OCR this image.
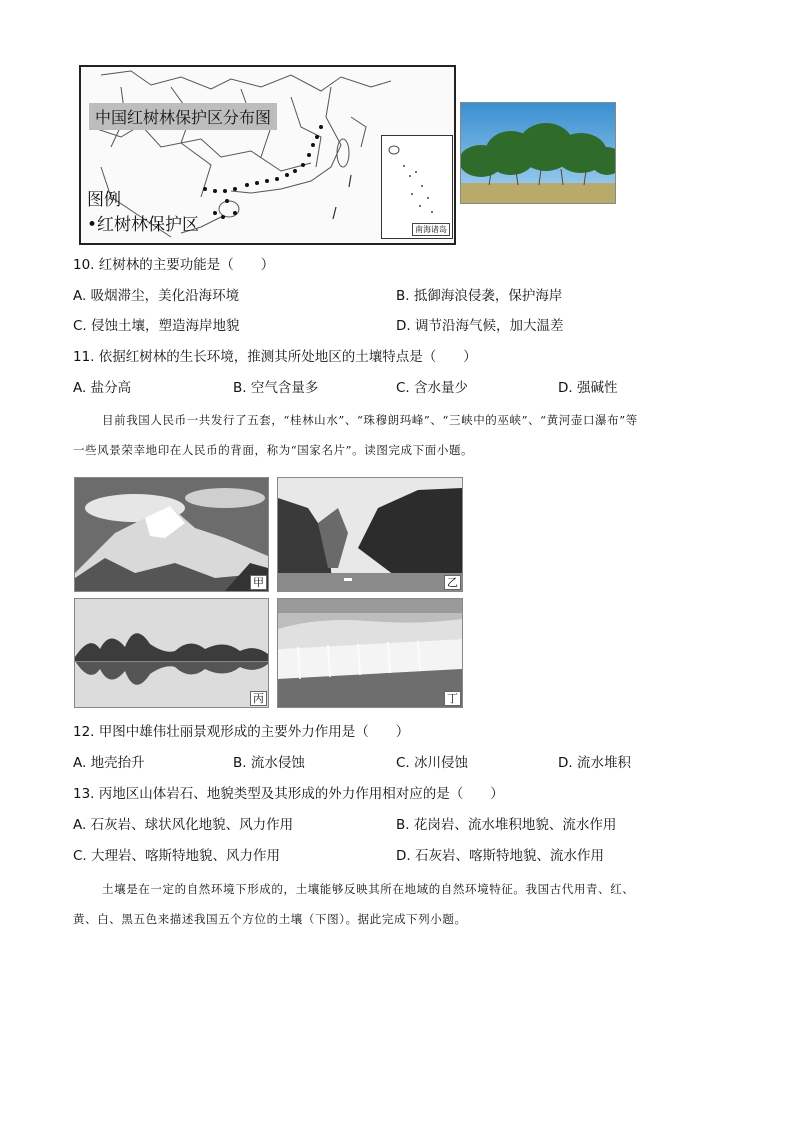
中国红树林保护区分布图
图例
•红树林保护区	南海诸岛
10. 红树林的主要功能是（　　）
A. 吸烟滞尘，美化沿海环境	B. 抵御海浪侵袭，保护海岸
C. 侵蚀土壤，塑造海岸地貌	D. 调节沿海气候，加大温差
11. 依据红树林的生长环境，推测其所处地区的土壤特点是（　　）
A. 盐分高	B. 空气含量多	C. 含水量少	D. 强碱性
目前我国人民币一共发行了五套，“桂林山水”、“珠穆朗玛峰”、“三峡中的巫峡”、“黄河壶口瀑布”等
一些风景荣幸地印在人民币的背面，称为“国家名片”。读图完成下面小题。
甲	乙
丙	丁
12. 甲图中雄伟壮丽景观形成的主要外力作用是（　　）
A. 地壳抬升	B. 流水侵蚀	C. 冰川侵蚀	D. 流水堆积
13. 丙地区山体岩石、地貌类型及其形成的外力作用相对应的是（　　）
A. 石灰岩、球状风化地貌、风力作用	B. 花岗岩、流水堆积地貌、流水作用
C. 大理岩、喀斯特地貌、风力作用	D. 石灰岩、喀斯特地貌、流水作用
土壤是在一定的自然环境下形成的，土壤能够反映其所在地域的自然环境特征。我国古代用青、红、
黄、白、黑五色来描述我国五个方位的土壤（下图）。据此完成下列小题。
